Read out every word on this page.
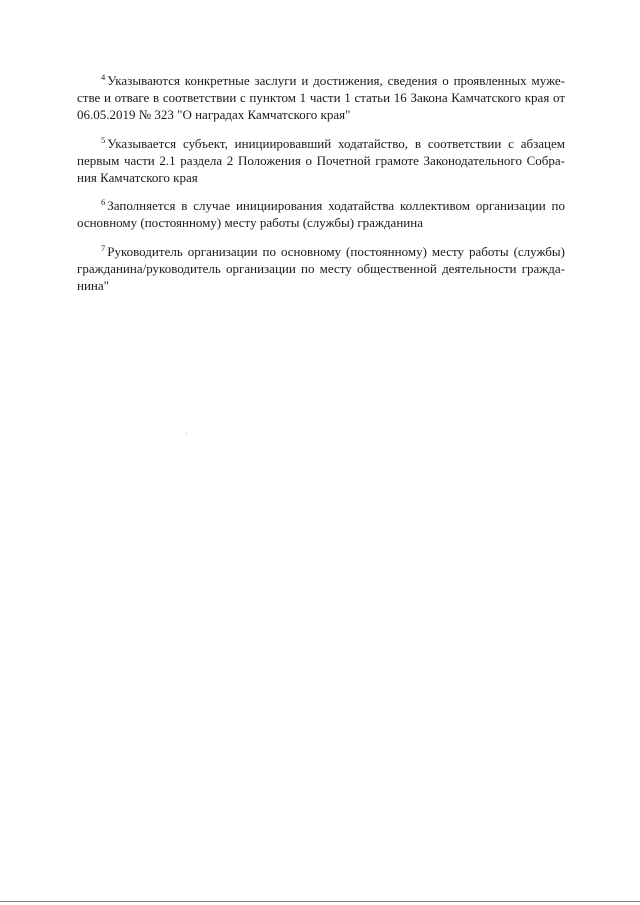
$^4$ Указываются конкретные заслуги и достижения, сведения о проявленных муже-стве и отваге в соответствии с пунктом 1 части 1 статьи 16 Закона Камчатского края от 06.05.2019 № 323 "О наградах Камчатского края"

$^5$ Указывается субъект, инициировавший ходатайство, в соответствии с абзацем первым части 2.1 раздела 2 Положения о Почетной грамоте Законодательного Собра-ния Камчатского края

$^6$ Заполняется в случае инициирования ходатайства коллективом организации по основному (постоянному) месту работы (службы) гражданина

$^7$ Руководитель организации по основному (постоянному) месту работы (службы) гражданина/руководитель организации по месту общественной деятельности гражда-нина"
